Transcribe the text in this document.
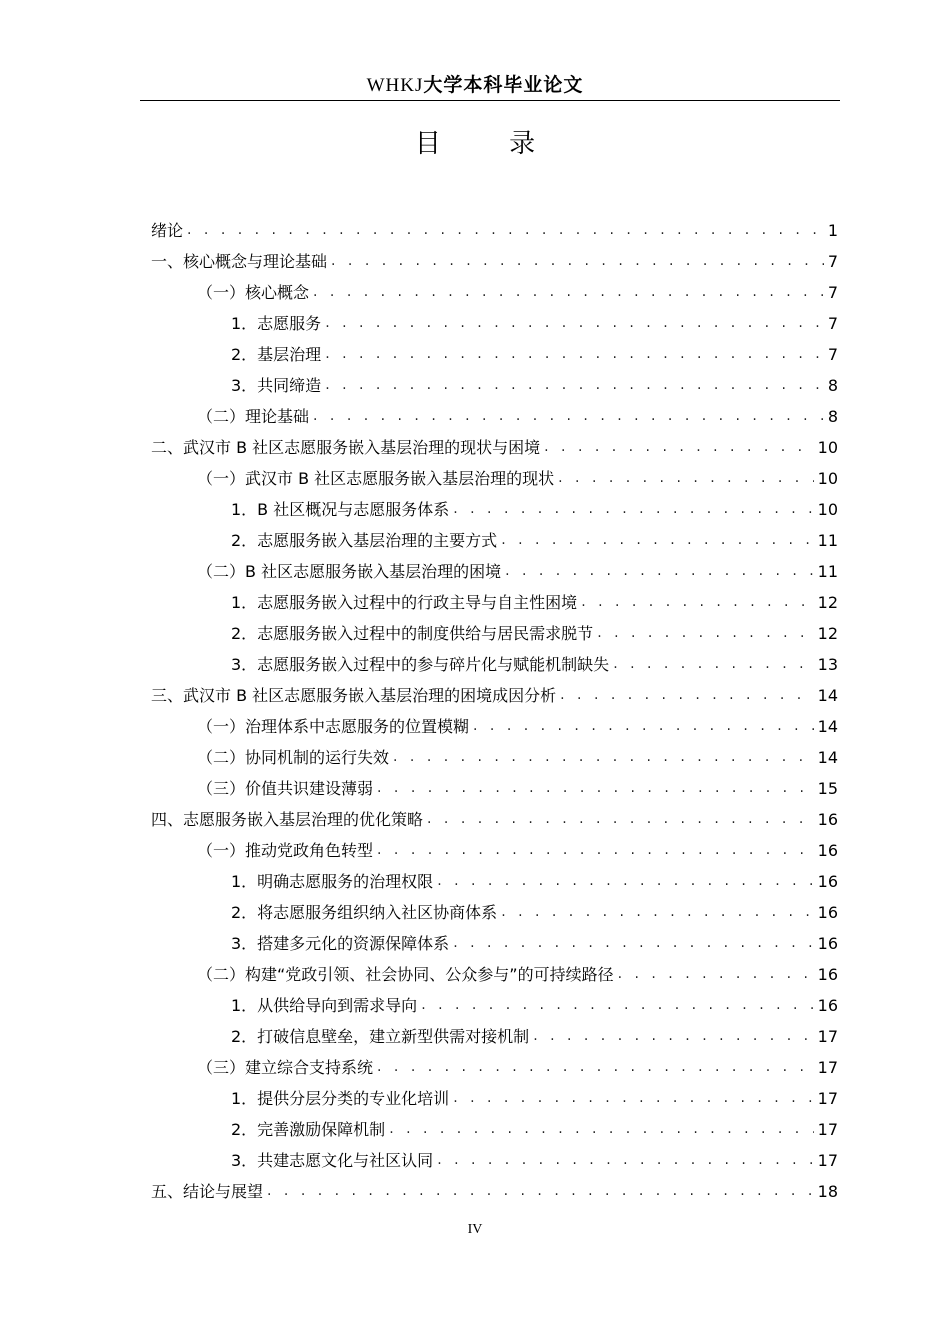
WHKJ大学本科毕业论文
目 录
绪论 . . .	1
一、核心概念与理论基础 . . .	7
（一）核心概念 . . .	7
1．志愿服务 . . .	7
2．基层治理 . . .	7
3．共同缔造 . . .	8
（二）理论基础 . . .	8
二、武汉市 B 社区志愿服务嵌入基层治理的现状与困境 . . .	10
（一）武汉市 B 社区志愿服务嵌入基层治理的现状 . . .	10
1．B 社区概况与志愿服务体系 . . .	10
2．志愿服务嵌入基层治理的主要方式 . . .	11
（二）B 社区志愿服务嵌入基层治理的困境 . . .	11
1．志愿服务嵌入过程中的行政主导与自主性困境 . . .	12
2．志愿服务嵌入过程中的制度供给与居民需求脱节 . . .	12
3．志愿服务嵌入过程中的参与碎片化与赋能机制缺失 . . .	13
三、武汉市 B 社区志愿服务嵌入基层治理的困境成因分析 . . .	14
（一）治理体系中志愿服务的位置模糊 . . .	14
（二）协同机制的运行失效 . . .	14
（三）价值共识建设薄弱 . . .	15
四、志愿服务嵌入基层治理的优化策略 . . .	16
（一）推动党政角色转型 . . .	16
1．明确志愿服务的治理权限 . . .	16
2．将志愿服务组织纳入社区协商体系 . . .	16
3．搭建多元化的资源保障体系 . . .	16
（二）构建“党政引领、社会协同、公众参与”的可持续路径 . . .	16
1．从供给导向到需求导向 . . .	16
2．打破信息壁垒，建立新型供需对接机制 . . .	17
（三）建立综合支持系统 . . .	17
1．提供分层分类的专业化培训 . . .	17
2．完善激励保障机制 . . .	17
3．共建志愿文化与社区认同 . . .	17
五、结论与展望 . . .	18
IV
